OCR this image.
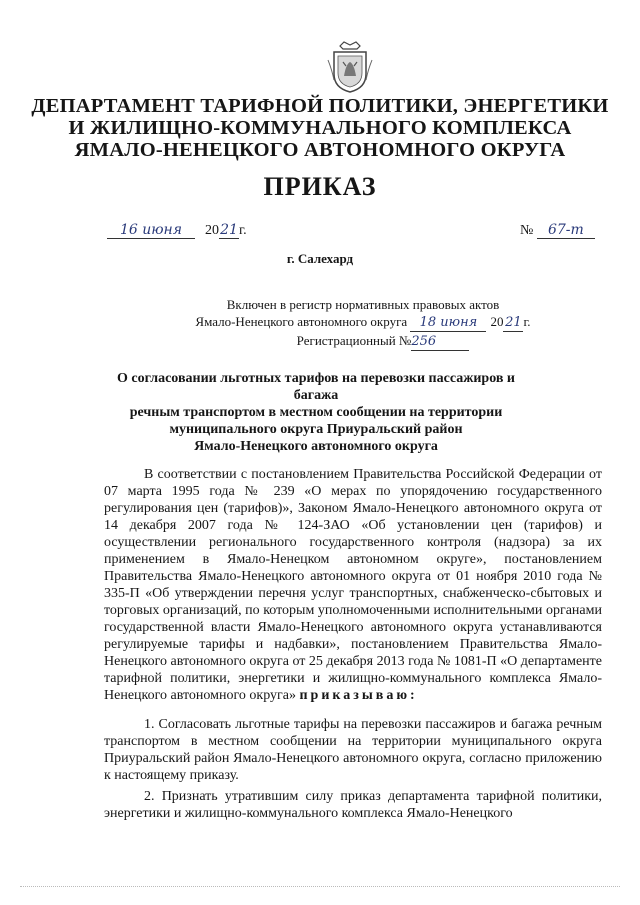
ДЕПАРТАМЕНТ ТАРИФНОЙ ПОЛИТИКИ, ЭНЕРГЕТИКИ
И ЖИЛИЩНО-КОММУНАЛЬНОГО КОМПЛЕКСА
ЯМАЛО-НЕНЕЦКОГО АВТОНОМНОГО ОКРУГА
ПРИКАЗ
16 июня 2021г.	№ 67-т
г. Салехард
Включен в регистр нормативных правовых актов
Ямало-Ненецкого автономного округа 18 июня 20 21 г.
Регистрационный №256
О согласовании льготных тарифов на перевозки пассажиров и багажа
речным транспортом в местном сообщении на территории
муниципального округа Приуральский район
Ямало-Ненецкого автономного округа

В соответствии с постановлением Правительства Российской Федерации от 07 марта 1995 года № 239 «О мерах по упорядочению государственного регулирования цен (тарифов)», Законом Ямало-Ненецкого автономного округа от 14 декабря 2007 года № 124-ЗАО «Об установлении цен (тарифов) и осуществлении регионального государственного контроля (надзора) за их применением в Ямало-Ненецком автономном округе», постановлением Правительства Ямало-Ненецкого автономного округа от 01 ноября 2010 года № 335-П «Об утверждении перечня услуг транспортных, снабженческо-сбытовых и торговых организаций, по которым уполномоченными исполнительными органами государственной власти Ямало-Ненецкого автономного округа устанавливаются регулируемые тарифы и надбавки», постановлением Правительства Ямало-Ненецкого автономного округа от 25 декабря 2013 года № 1081-П «О департаменте тарифной политики, энергетики и жилищно-коммунального комплекса Ямало-Ненецкого автономного округа» приказываю:

1. Согласовать льготные тарифы на перевозки пассажиров и багажа речным транспортом в местном сообщении на территории муниципального округа Приуральский район Ямало-Ненецкого автономного округа, согласно приложению к настоящему приказу.

2. Признать утратившим силу приказ департамента тарифной политики, энергетики и жилищно-коммунального комплекса Ямало-Ненецкого
